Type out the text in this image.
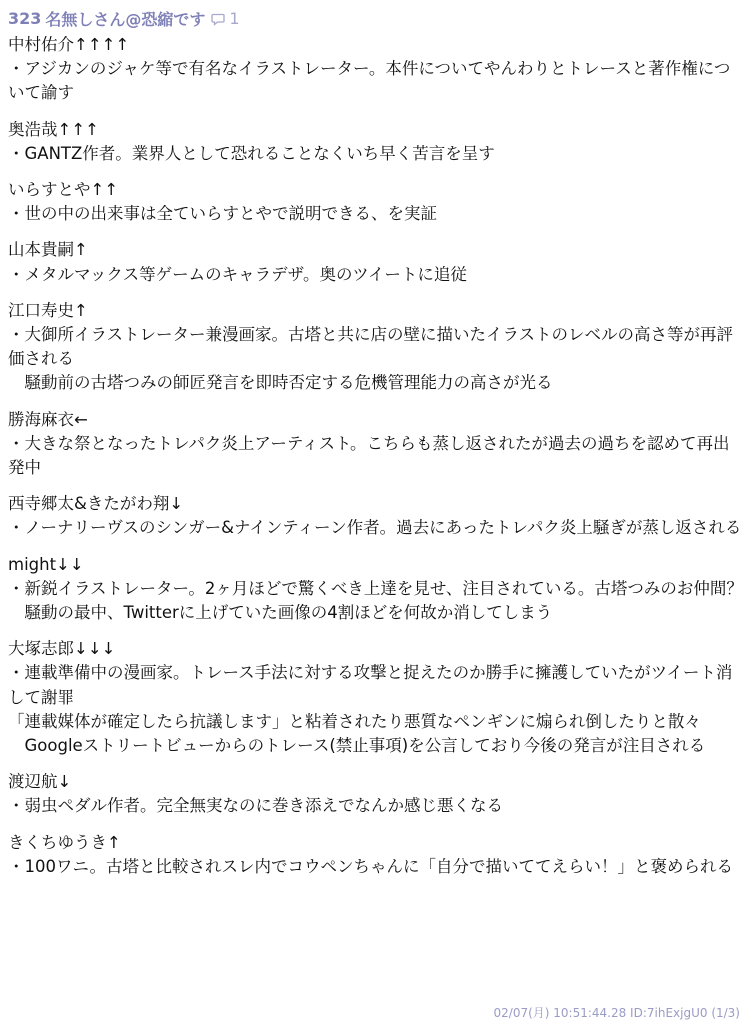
323 名無しさん@恐縮です 1
中村佑介↑↑↑↑
・アジカンのジャケ等で有名なイラストレーター。本件についてやんわりとトレースと著作権について諭す
奥浩哉↑↑↑
・GANTZ作者。業界人として恐れることなくいち早く苦言を呈す
いらすとや↑↑
・世の中の出来事は全ていらすとやで説明できる、を実証
山本貴嗣↑
・メタルマックス等ゲームのキャラデザ。奥のツイートに追従
江口寿史↑
・大御所イラストレーター兼漫画家。古塔と共に店の壁に描いたイラストのレベルの高さ等が再評価される
騒動前の古塔つみの師匠発言を即時否定する危機管理能力の高さが光る
勝海麻衣←
・大きな祭となったトレパク炎上アーティスト。こちらも蒸し返されたが過去の過ちを認めて再出発中
西寺郷太&きたがわ翔↓
・ノーナリーヴスのシンガー&ナインティーン作者。過去にあったトレパク炎上騒ぎが蒸し返される
might↓↓
・新鋭イラストレーター。2ヶ月ほどで驚くべき上達を見せ、注目されている。古塔つみのお仲間？
騒動の最中、Twitterに上げていた画像の4割ほどを何故か消してしまう
大塚志郎↓↓↓
・連載準備中の漫画家。トレース手法に対する攻撃と捉えたのか勝手に擁護していたがツイート消して謝罪
「連載媒体が確定したら抗議します」と粘着されたり悪質なペンギンに煽られ倒したりと散々
Googleストリートビューからのトレース(禁止事項)を公言しており今後の発言が注目される
渡辺航↓
・弱虫ペダル作者。完全無実なのに巻き添えでなんか感じ悪くなる
きくちゆうき↑
・100ワニ。古塔と比較されスレ内でコウペンちゃんに「自分で描いててえらい！」と褒められる
02/07(月) 10:51:44.28 ID:7ihExjgU0 (1/3)
